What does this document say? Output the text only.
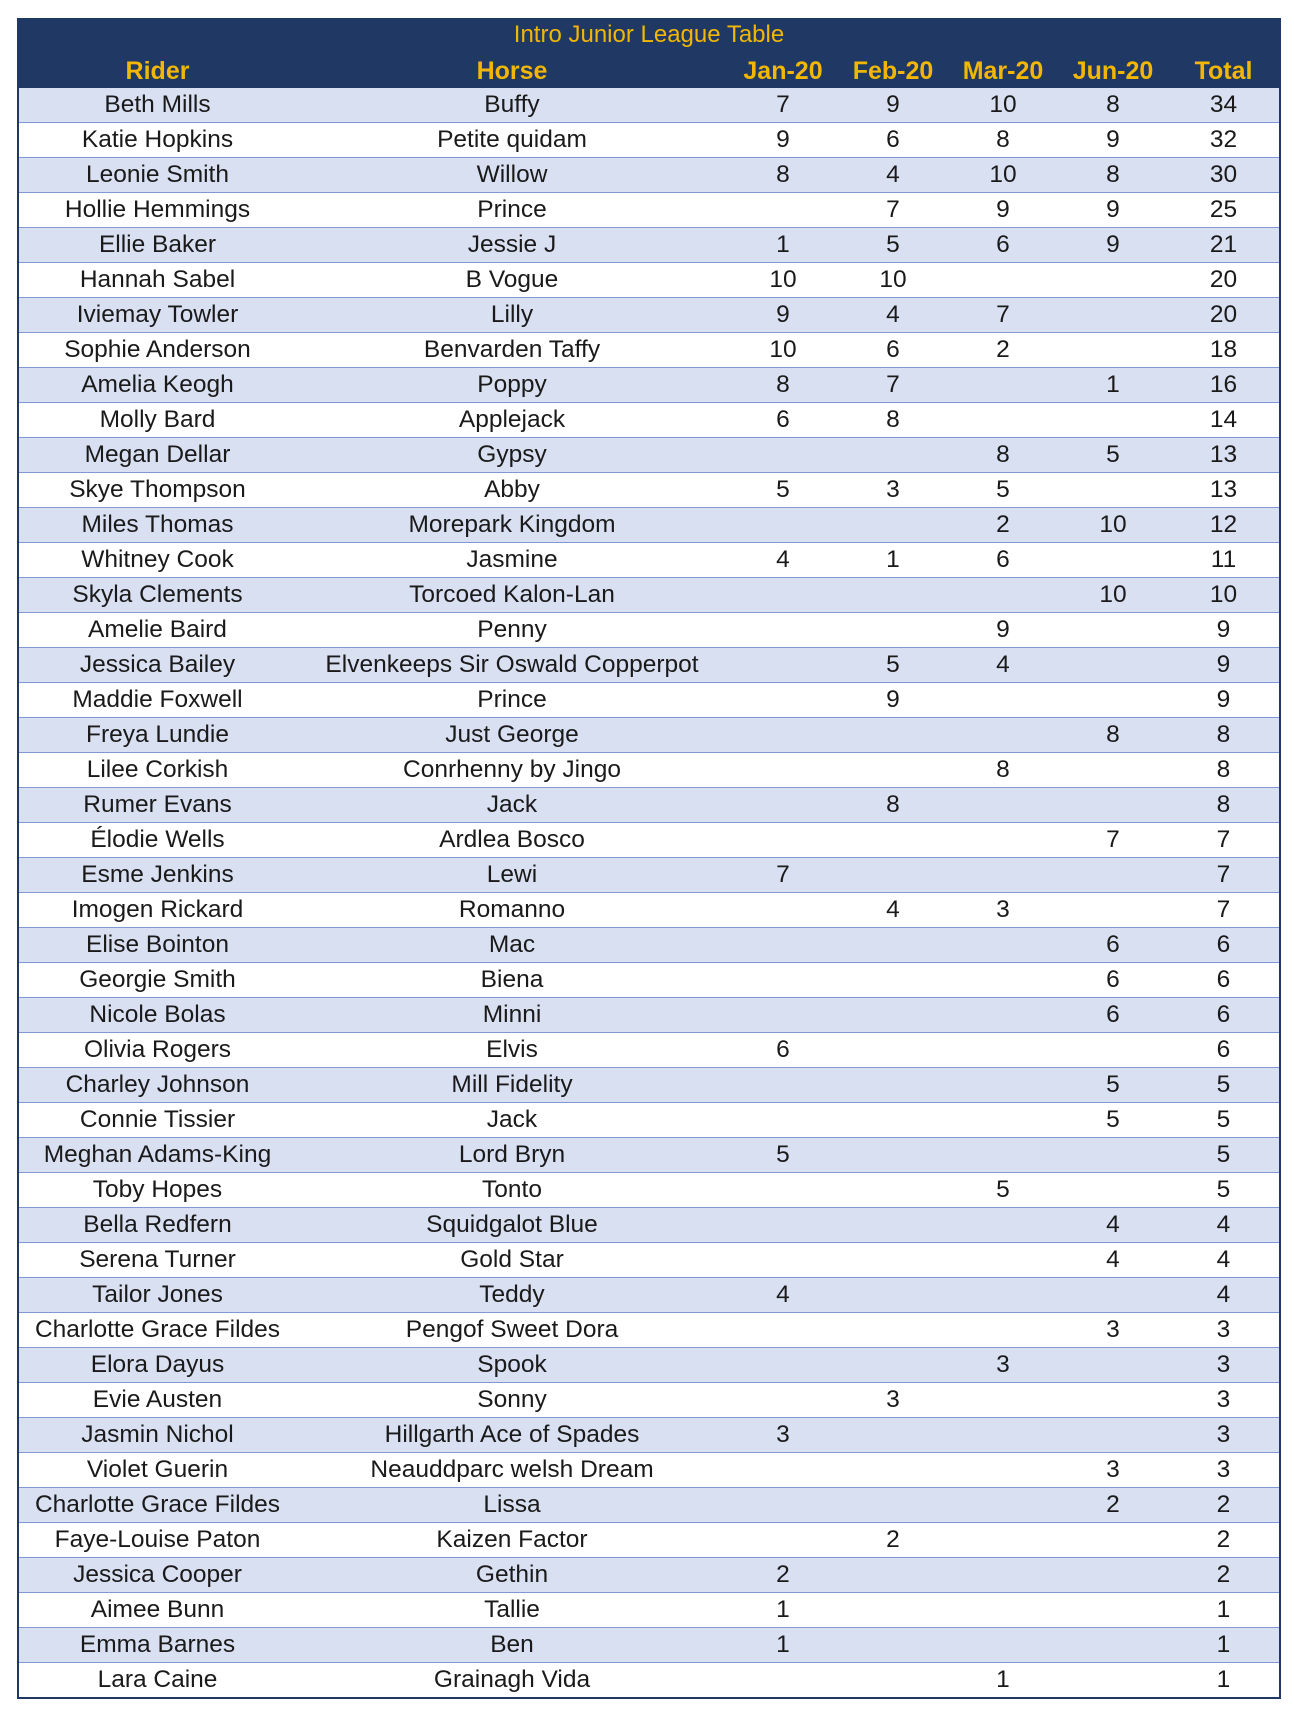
Intro Junior League Table
Rider	Horse	Jan-20	Feb-20	Mar-20	Jun-20	Total
Beth Mills	Buffy	7	9	10	8	34
Katie Hopkins	Petite quidam	9	6	8	9	32
Leonie Smith	Willow	8	4	10	8	30
Hollie Hemmings	Prince		7	9	9	25
Ellie Baker	Jessie J	1	5	6	9	21
Hannah Sabel	B Vogue	10	10			20
Iviemay Towler	Lilly	9	4	7		20
Sophie Anderson	Benvarden Taffy	10	6	2		18
Amelia Keogh	Poppy	8	7		1	16
Molly Bard	Applejack	6	8			14
Megan Dellar	Gypsy			8	5	13
Skye Thompson	Abby	5	3	5		13
Miles Thomas	Morepark Kingdom			2	10	12
Whitney Cook	Jasmine	4	1	6		11
Skyla Clements	Torcoed Kalon-Lan				10	10
Amelie Baird	Penny			9		9
Jessica Bailey	Elvenkeeps Sir Oswald Copperpot		5	4		9
Maddie Foxwell	Prince		9			9
Freya Lundie	Just George				8	8
Lilee Corkish	Conrhenny by Jingo			8		8
Rumer Evans	Jack		8			8
Élodie Wells	Ardlea Bosco				7	7
Esme Jenkins	Lewi	7				7
Imogen Rickard	Romanno		4	3		7
Elise Bointon	Mac				6	6
Georgie Smith	Biena				6	6
Nicole Bolas	Minni				6	6
Olivia Rogers	Elvis	6				6
Charley Johnson	Mill Fidelity				5	5
Connie Tissier	Jack				5	5
Meghan Adams-King	Lord Bryn	5				5
Toby Hopes	Tonto			5		5
Bella Redfern	Squidgalot Blue				4	4
Serena Turner	Gold Star				4	4
Tailor Jones	Teddy	4				4
Charlotte Grace Fildes	Pengof Sweet Dora				3	3
Elora Dayus	Spook			3		3
Evie Austen	Sonny		3			3
Jasmin Nichol	Hillgarth Ace of Spades	3				3
Violet Guerin	Neauddparc welsh Dream				3	3
Charlotte Grace Fildes	Lissa				2	2
Faye-Louise Paton	Kaizen Factor		2			2
Jessica Cooper	Gethin	2				2
Aimee Bunn	Tallie	1				1
Emma Barnes	Ben	1				1
Lara Caine	Grainagh Vida			1		1
